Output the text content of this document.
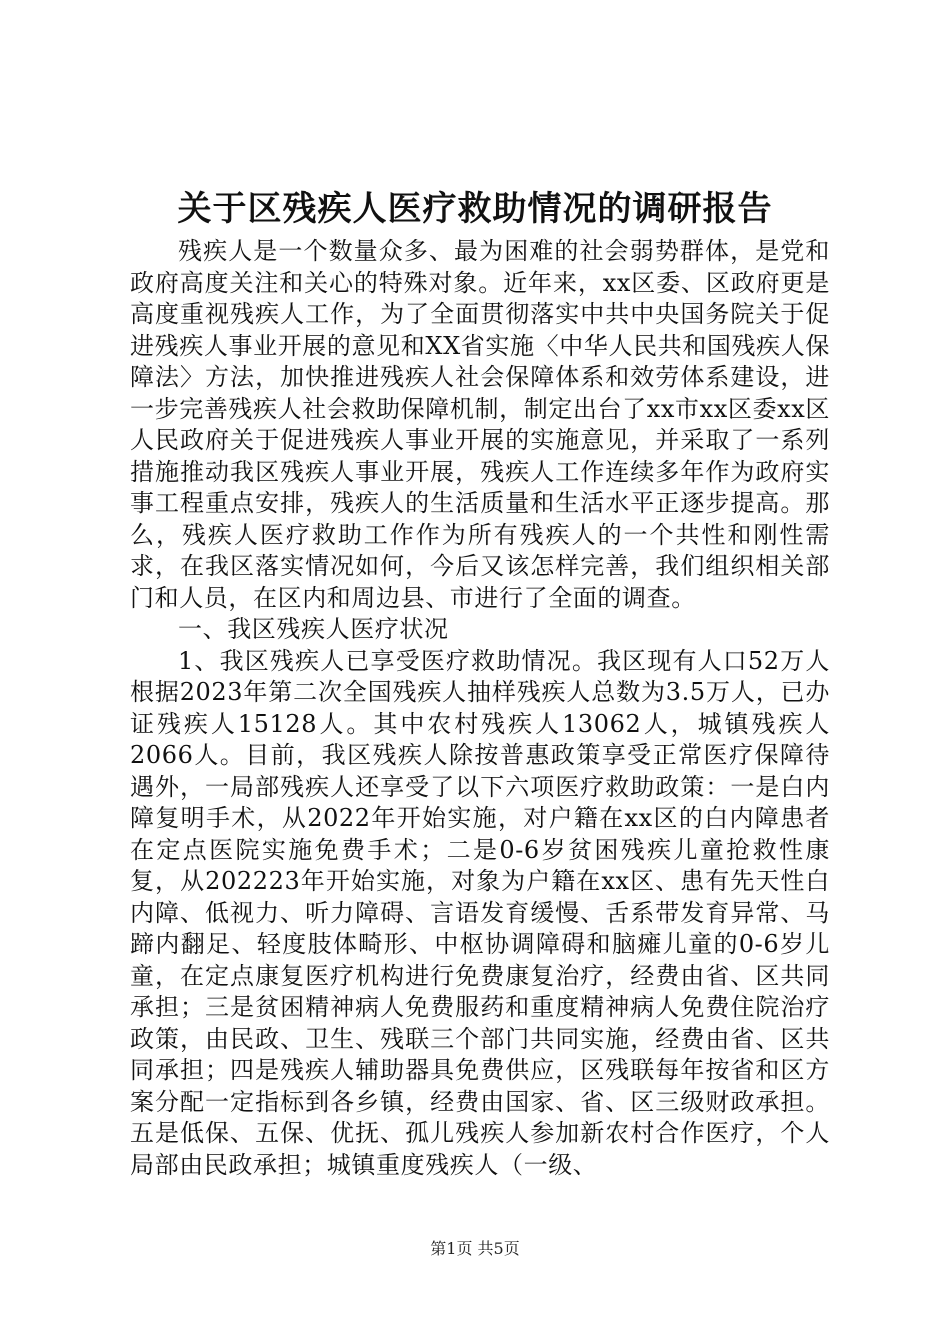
关于区残疾人医疗救助情况的调研报告

残疾人是一个数量众多、最为困难的社会弱势群体，是党和政府高度关注和关心的特殊对象。近年来，xx区委、区政府更是高度重视残疾人工作，为了全面贯彻落实中共中央国务院关于促进残疾人事业开展的意见和XX省实施〈中华人民共和国残疾人保障法〉方法，加快推进残疾人社会保障体系和效劳体系建设，进一步完善残疾人社会救助保障机制，制定出台了xx市xx区委xx区人民政府关于促进残疾人事业开展的实施意见，并采取了一系列措施推动我区残疾人事业开展，残疾人工作连续多年作为政府实事工程重点安排，残疾人的生活质量和生活水平正逐步提高。那么，残疾人医疗救助工作作为所有残疾人的一个共性和刚性需求，在我区落实情况如何，今后又该怎样完善，我们组织相关部门和人员，在区内和周边县、市进行了全面的调查。

一、我区残疾人医疗状况

1、我区残疾人已享受医疗救助情况。我区现有人口52万人根据2023年第二次全国残疾人抽样残疾人总数为3.5万人，已办证残疾人15128人。其中农村残疾人13062人，城镇残疾人2066人。目前，我区残疾人除按普惠政策享受正常医疗保障待遇外，一局部残疾人还享受了以下六项医疗救助政策：一是白内障复明手术，从2022年开始实施，对户籍在xx区的白内障患者在定点医院实施免费手术；二是0-6岁贫困残疾儿童抢救性康复，从202223年开始实施，对象为户籍在xx区、患有先天性白内障、低视力、听力障碍、言语发育缓慢、舌系带发育异常、马蹄内翻足、轻度肢体畸形、中枢协调障碍和脑瘫儿童的0-6岁儿童，在定点康复医疗机构进行免费康复治疗，经费由省、区共同承担；三是贫困精神病人免费服药和重度精神病人免费住院治疗政策，由民政、卫生、残联三个部门共同实施，经费由省、区共同承担；四是残疾人辅助器具免费供应，区残联每年按省和区方案分配一定指标到各乡镇，经费由国家、省、区三级财政承担。五是低保、五保、优抚、孤儿残疾人参加新农村合作医疗，个人局部由民政承担；城镇重度残疾人（一级、

第1页 共5页
